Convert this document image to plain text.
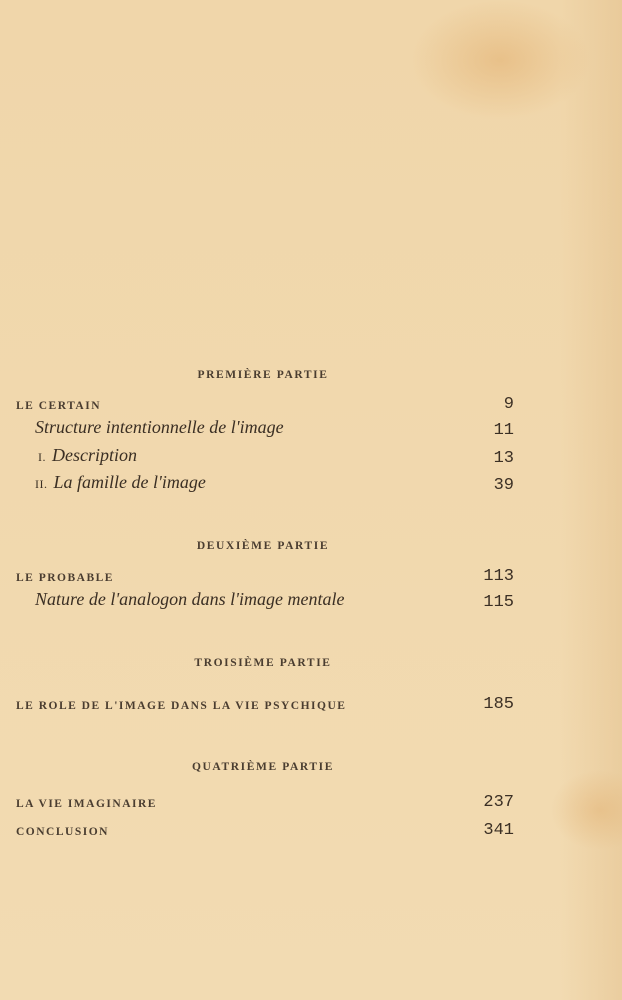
PREMIÈRE PARTIE
LE CERTAIN	9
Structure intentionnelle de l'image	11
I. Description	13
II. La famille de l'image	39
DEUXIÈME PARTIE
LE PROBABLE	113
Nature de l'analogon dans l'image mentale	115
TROISIÈME PARTIE
LE ROLE DE L'IMAGE DANS LA VIE PSYCHIQUE	185
QUATRIÈME PARTIE
LA VIE IMAGINAIRE	237
CONCLUSION	341
